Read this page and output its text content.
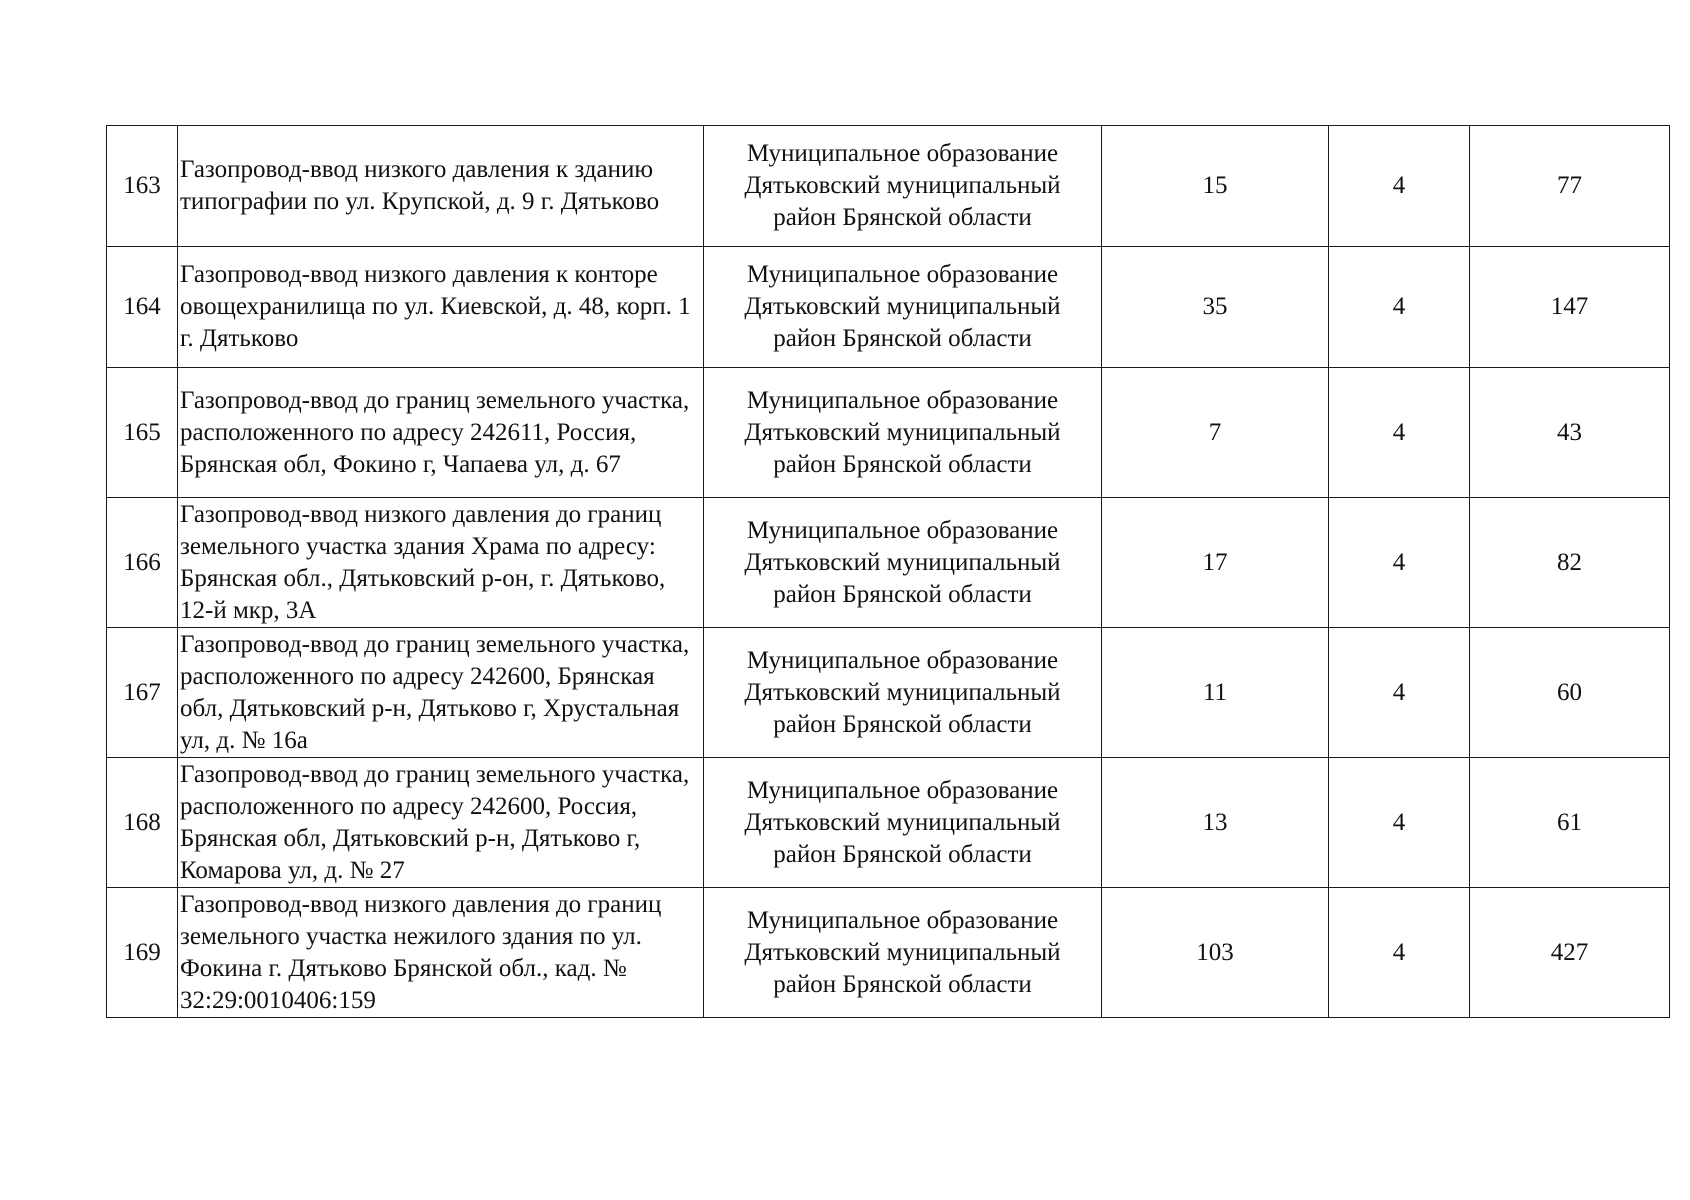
163	Газопровод-ввод низкого давления к зданию типографии по ул. Крупской, д. 9 г. Дятьково	Муниципальное образование
Дятьковский муниципальный
район Брянской области	15	4	77
164	Газопровод-ввод низкого давления к конторе овощехранилища по ул. Киевской, д. 48, корп. 1 г. Дятьково	Муниципальное образование
Дятьковский муниципальный
район Брянской области	35	4	147
165	Газопровод-ввод до границ земельного участка, расположенного по адресу 242611, Россия, Брянская обл, Фокино г, Чапаева ул, д. 67	Муниципальное образование
Дятьковский муниципальный
район Брянской области	7	4	43
166	Газопровод-ввод низкого давления до границ земельного участка здания Храма по адресу: Брянская обл., Дятьковский р-он, г. Дятьково, 12-й мкр, 3А	Муниципальное образование
Дятьковский муниципальный
район Брянской области	17	4	82
167	Газопровод-ввод до границ земельного участка, расположенного по адресу 242600, Брянская обл, Дятьковский р-н, Дятьково г, Хрустальная ул, д. № 16а	Муниципальное образование
Дятьковский муниципальный
район Брянской области	11	4	60
168	Газопровод-ввод до границ земельного участка, расположенного по адресу 242600, Россия, Брянская обл, Дятьковский р-н, Дятьково г, Комарова ул, д. № 27	Муниципальное образование
Дятьковский муниципальный
район Брянской области	13	4	61
169	Газопровод-ввод низкого давления до границ земельного участка нежилого здания по ул. Фокина г. Дятьково Брянской обл., кад. № 32:29:0010406:159	Муниципальное образование
Дятьковский муниципальный
район Брянской области	103	4	427
